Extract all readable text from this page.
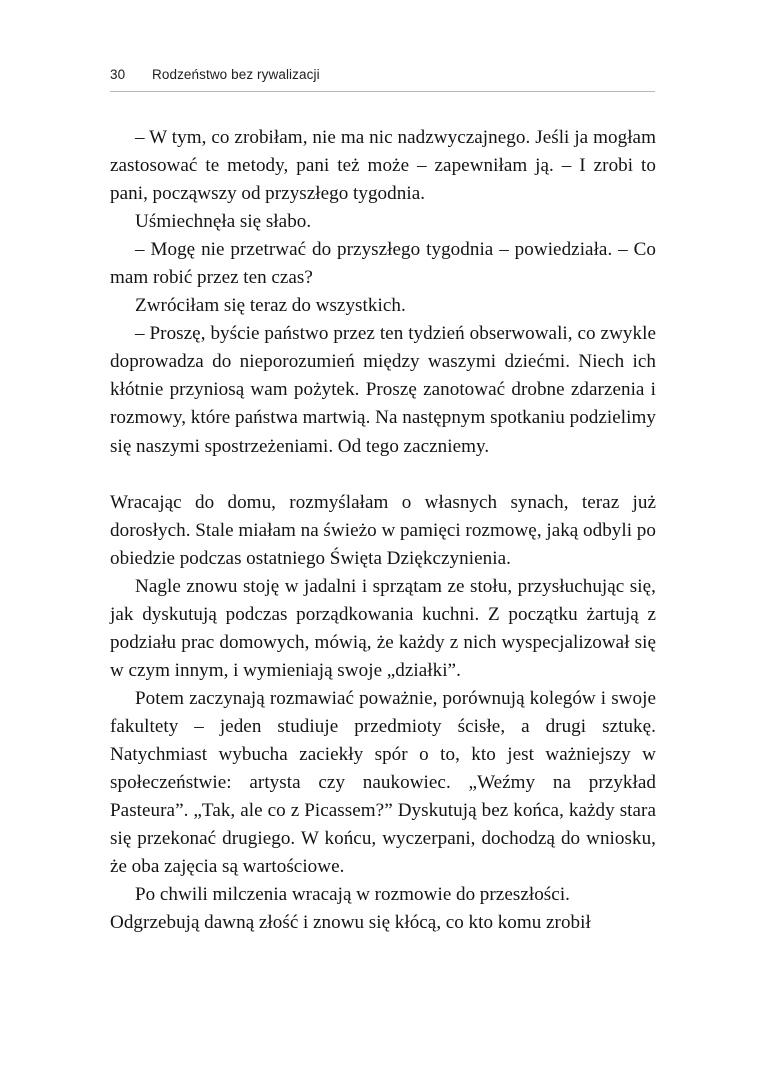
30	Rodzeństwo bez rywalizacji

– W tym, co zrobiłam, nie ma nic nadzwyczajnego. Jeśli ja mogłam zastosować te metody, pani też może – zapewniłam ją. – I zrobi to pani, począwszy od przyszłego tygodnia.

Uśmiechnęła się słabo.

– Mogę nie przetrwać do przyszłego tygodnia – powiedziała. – Co mam robić przez ten czas?

Zwróciłam się teraz do wszystkich.

– Proszę, byście państwo przez ten tydzień obserwowali, co zwykle doprowadza do nieporozumień między waszymi dziećmi. Niech ich kłótnie przyniosą wam pożytek. Proszę zanotować drobne zdarzenia i rozmowy, które państwa martwią. Na następnym spotkaniu podzielimy się naszymi spostrzeżeniami. Od tego zaczniemy.

Wracając do domu, rozmyślałam o własnych synach, teraz już dorosłych. Stale miałam na świeżo w pamięci rozmowę, jaką odbyli po obiedzie podczas ostatniego Święta Dziękczynienia.

Nagle znowu stoję w jadalni i sprzątam ze stołu, przysłuchując się, jak dyskutują podczas porządkowania kuchni. Z początku żartują z podziału prac domowych, mówią, że każdy z nich wyspecjalizował się w czym innym, i wymieniają swoje „działki”.

Potem zaczynają rozmawiać poważnie, porównują kolegów i swoje fakultety – jeden studiuje przedmioty ścisłe, a drugi sztukę. Natychmiast wybucha zaciekły spór o to, kto jest ważniejszy w społeczeństwie: artysta czy naukowiec. „Weźmy na przykład Pasteura”. „Tak, ale co z Picassem?” Dyskutują bez końca, każdy stara się przekonać drugiego. W końcu, wyczerpani, dochodzą do wniosku, że oba zajęcia są wartościowe.

Po chwili milczenia wracają w rozmowie do przeszłości. Odgrzebują dawną złość i znowu się kłócą, co kto komu zrobił
